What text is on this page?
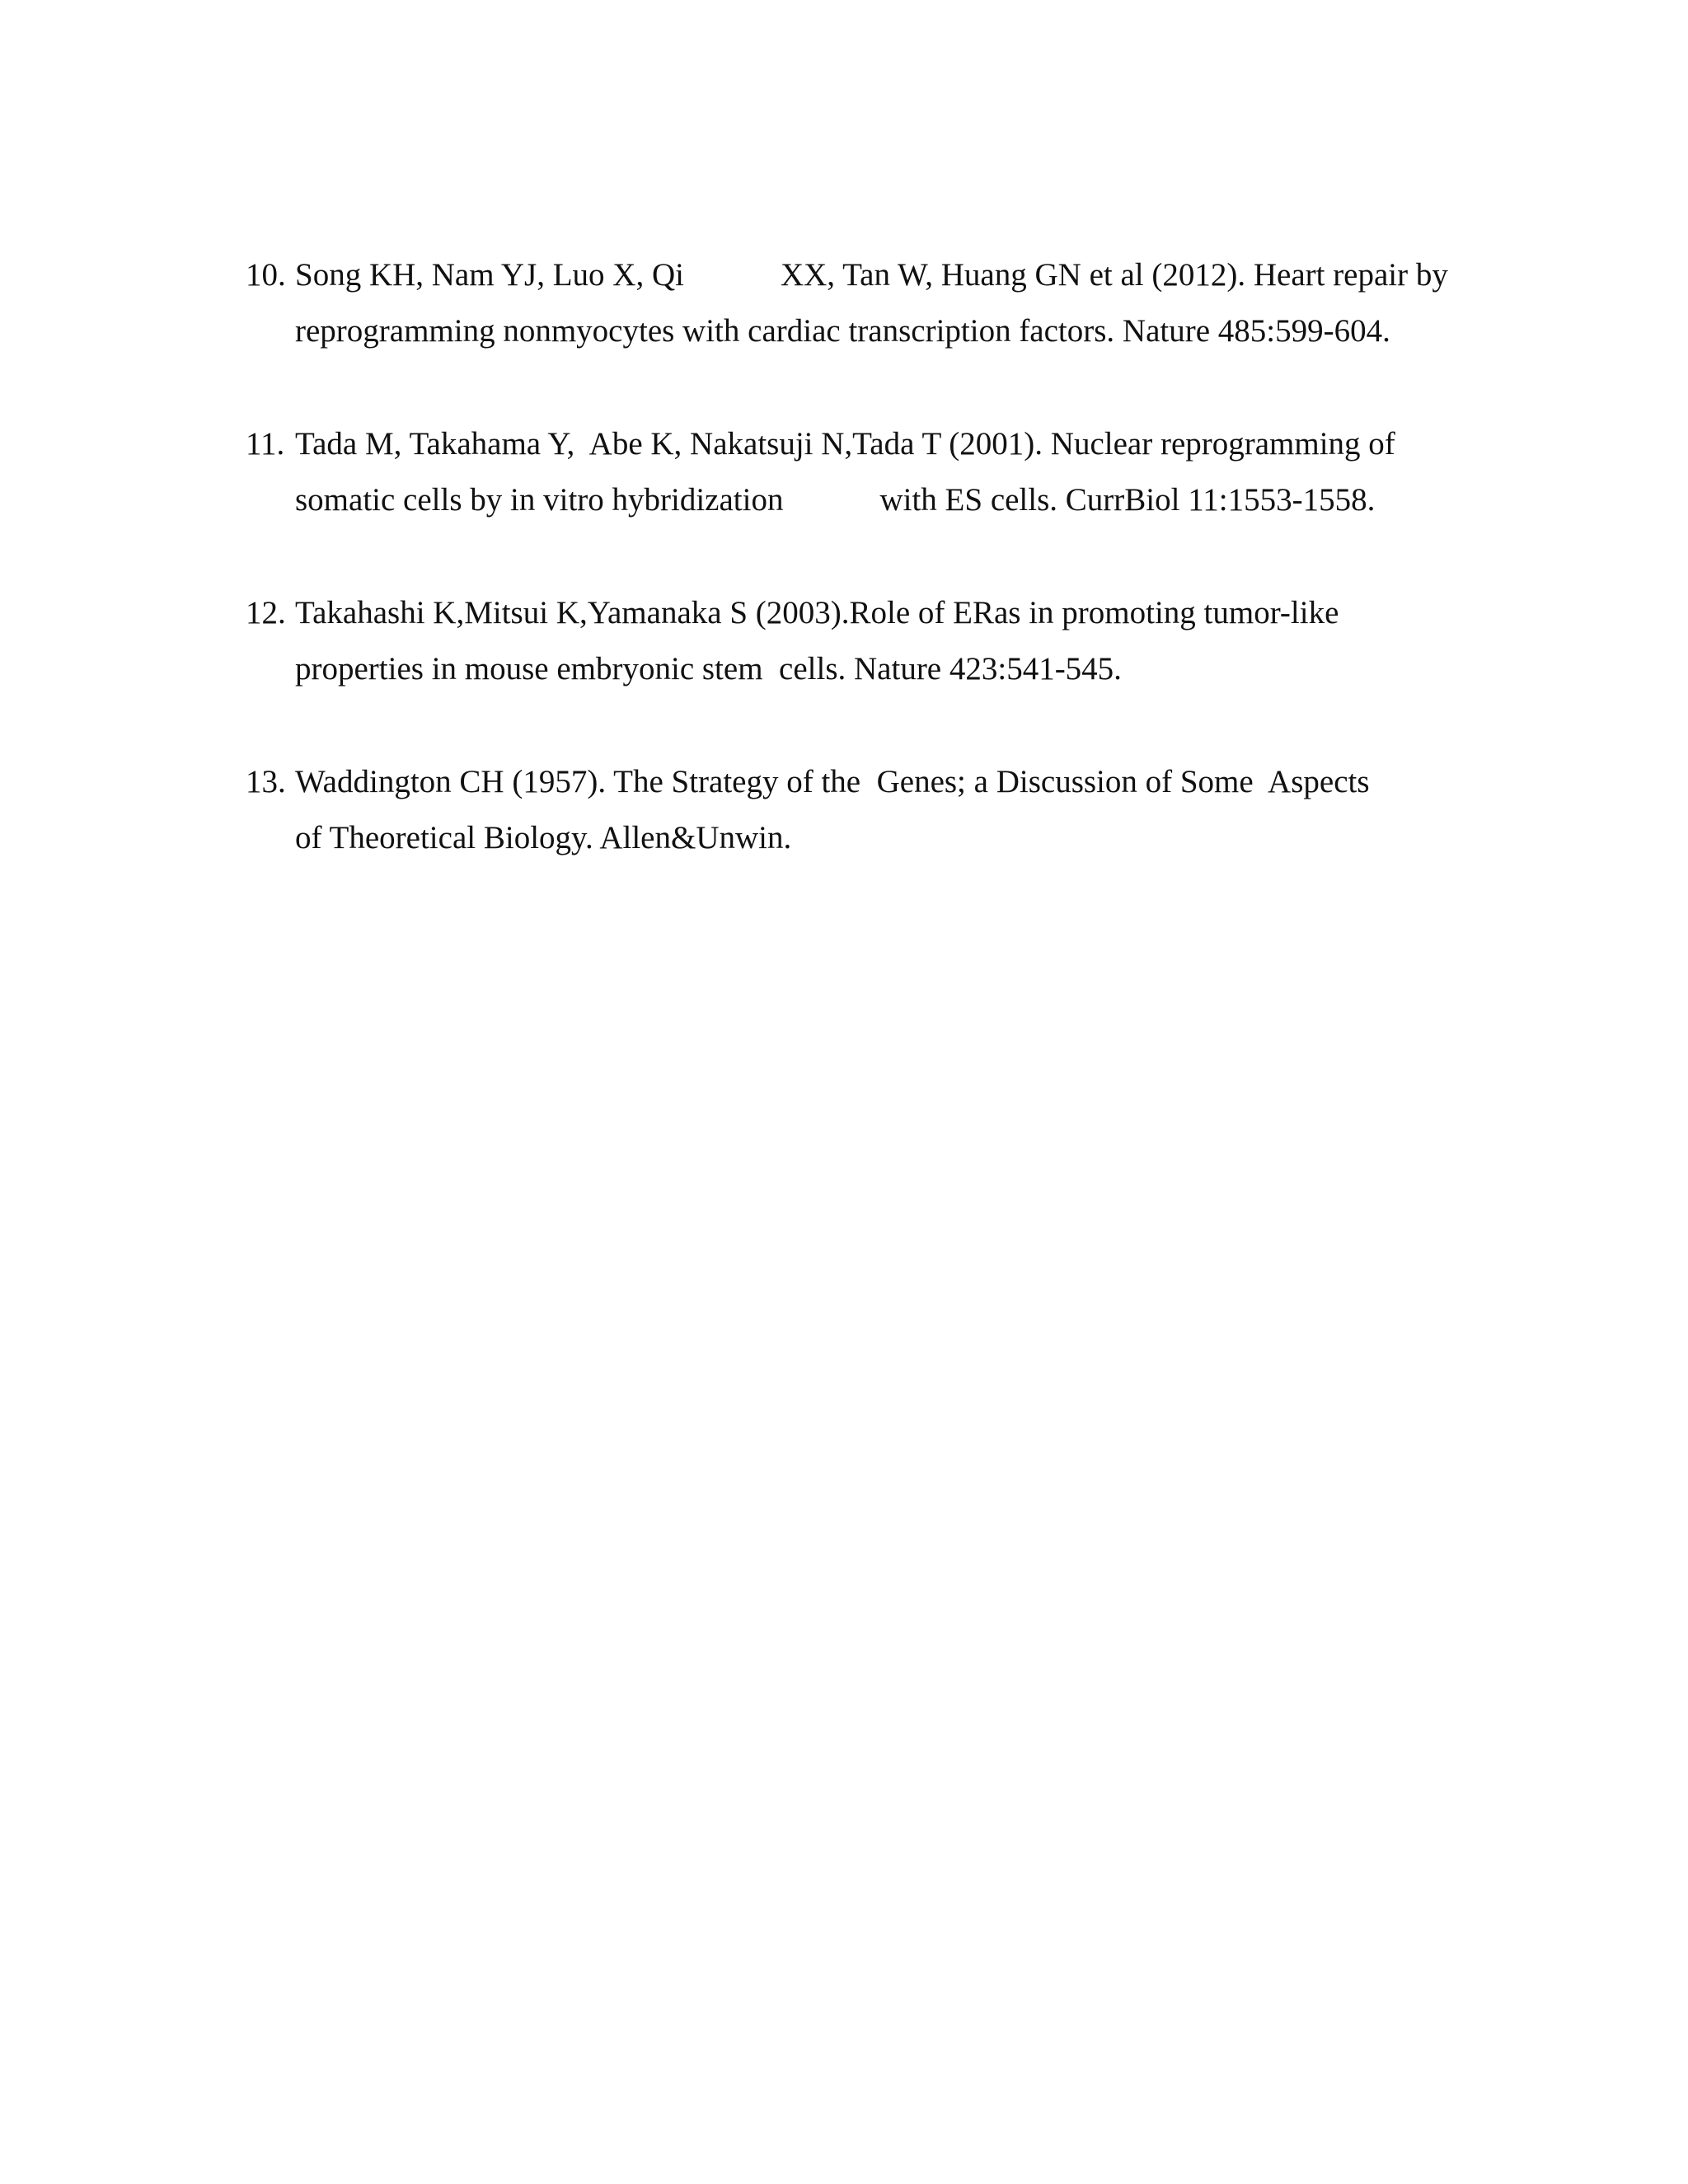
10. Song KH, Nam YJ, Luo X, Qi            XX, Tan W, Huang GN et al (2012). Heart repair by
reprogramming nonmyocytes with cardiac transcription factors. Nature 485:599-604.
11. Tada M, Takahama Y,  Abe K, Nakatsuji N,Tada T (2001). Nuclear reprogramming of
somatic cells by in vitro hybridization            with ES cells. CurrBiol 11:1553-1558.
12. Takahashi K,Mitsui K,Yamanaka S (2003).Role of ERas in promoting tumor-like
properties in mouse embryonic stem  cells. Nature 423:541-545.
13. Waddington CH (1957). The Strategy of the  Genes; a Discussion of Some  Aspects
of Theoretical Biology. Allen&Unwin.
